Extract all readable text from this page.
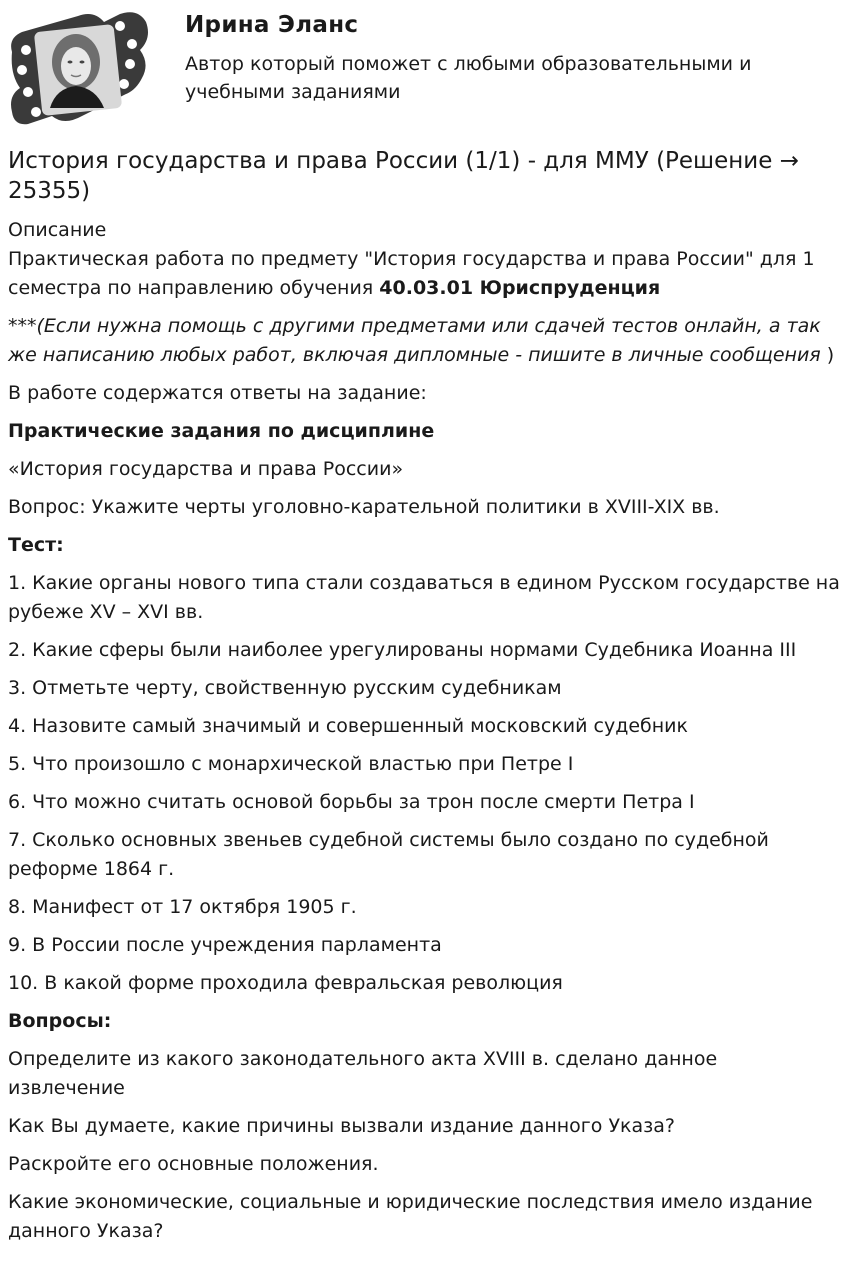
Ирина Эланс
Автор который поможет с любыми образовательными и учебными заданиями
История государства и права России (1/1) - для ММУ (Решение → 25355)
Описание
Практическая работа по предмету "История государства и права России" для 1 семестра по направлению обучения 40.03.01 Юриспруденция
***(Если нужна помощь с другими предметами или сдачей тестов онлайн, а так же написанию любых работ, включая дипломные - пишите в личные сообщения )
В работе содержатся ответы на задание:
Практические задания по дисциплине
«История государства и права России»
Вопрос: Укажите черты уголовно-карательной политики в XVIII-XIX вв.
Тест:
1. Какие органы нового типа стали создаваться в едином Русском государстве на рубеже XV – XVI вв.
2. Какие сферы были наиболее урегулированы нормами Судебника Иоанна III
3. Отметьте черту, свойственную русским судебникам
4. Назовите самый значимый и совершенный московский судебник
5. Что произошло с монархической властью при Петре I
6. Что можно считать основой борьбы за трон после смерти Петра I
7. Сколько основных звеньев судебной системы было создано по судебной реформе 1864 г.
8. Манифест от 17 октября 1905 г.
9. В России после учреждения парламента
10. В какой форме проходила февральская революция
Вопросы:
Определите из какого законодательного акта XVIII в. сделано данное извлечение
Как Вы думаете, какие причины вызвали издание данного Указа?
Раскройте его основные положения.
Какие экономические, социальные и юридические последствия имело издание данного Указа?
